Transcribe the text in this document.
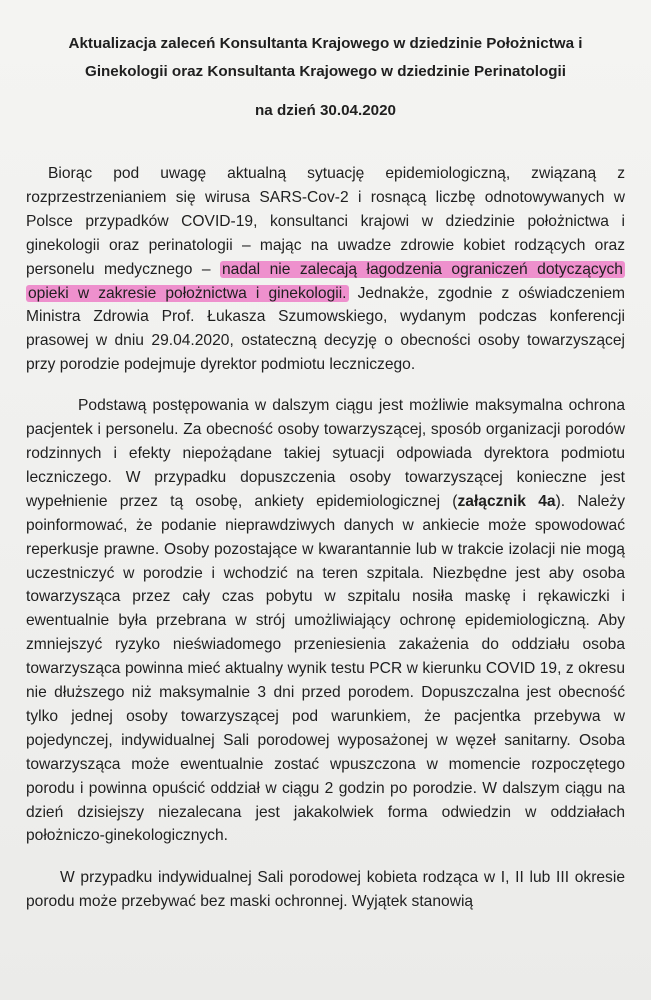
Aktualizacja zaleceń Konsultanta Krajowego w dziedzinie Położnictwa i Ginekologii oraz Konsultanta Krajowego w dziedzinie Perinatologii
na dzień 30.04.2020

Biorąc pod uwagę aktualną sytuację epidemiologiczną, związaną z rozprzestrzenianiem się wirusa SARS-Cov-2 i rosnącą liczbę odnotowywanych w Polsce przypadków COVID-19, konsultanci krajowi w dziedzinie położnictwa i ginekologii oraz perinatologii – mając na uwadze zdrowie kobiet rodzących oraz personelu medycznego – nadal nie zalecają łagodzenia ograniczeń dotyczących opieki w zakresie położnictwa i ginekologii. Jednakże, zgodnie z oświadczeniem Ministra Zdrowia Prof. Łukasza Szumowskiego, wydanym podczas konferencji prasowej w dniu 29.04.2020, ostateczną decyzję o obecności osoby towarzyszącej przy porodzie podejmuje dyrektor podmiotu leczniczego.

Podstawą postępowania w dalszym ciągu jest możliwie maksymalna ochrona pacjentek i personelu. Za obecność osoby towarzyszącej, sposób organizacji porodów rodzinnych i efekty niepożądane takiej sytuacji odpowiada dyrektora podmiotu leczniczego. W przypadku dopuszczenia osoby towarzyszącej konieczne jest wypełnienie przez tą osobę, ankiety epidemiologicznej (załącznik 4a). Należy poinformować, że podanie nieprawdziwych danych w ankiecie może spowodować reperkusje prawne. Osoby pozostające w kwarantannie lub w trakcie izolacji nie mogą uczestniczyć w porodzie i wchodzić na teren szpitala. Niezbędne jest aby osoba towarzysząca przez cały czas pobytu w szpitalu nosiła maskę i rękawiczki i ewentualnie była przebrana w strój umożliwiający ochronę epidemiologiczną. Aby zmniejszyć ryzyko nieświadomego przeniesienia zakażenia do oddziału osoba towarzysząca powinna mieć aktualny wynik testu PCR w kierunku COVID 19, z okresu nie dłuższego niż maksymalnie 3 dni przed porodem. Dopuszczalna jest obecność tylko jednej osoby towarzyszącej pod warunkiem, że pacjentka przebywa w pojedynczej, indywidualnej Sali porodowej wyposażonej w węzeł sanitarny. Osoba towarzysząca może ewentualnie zostać wpuszczona w momencie rozpoczętego porodu i powinna opuścić oddział w ciągu 2 godzin po porodzie. W dalszym ciągu na dzień dzisiejszy niezalecana jest jakakolwiek forma odwiedzin w oddziałach położniczo-ginekologicznych.

W przypadku indywidualnej Sali porodowej kobieta rodząca w I, II lub III okresie porodu może przebywać bez maski ochronnej. Wyjątek stanowią
